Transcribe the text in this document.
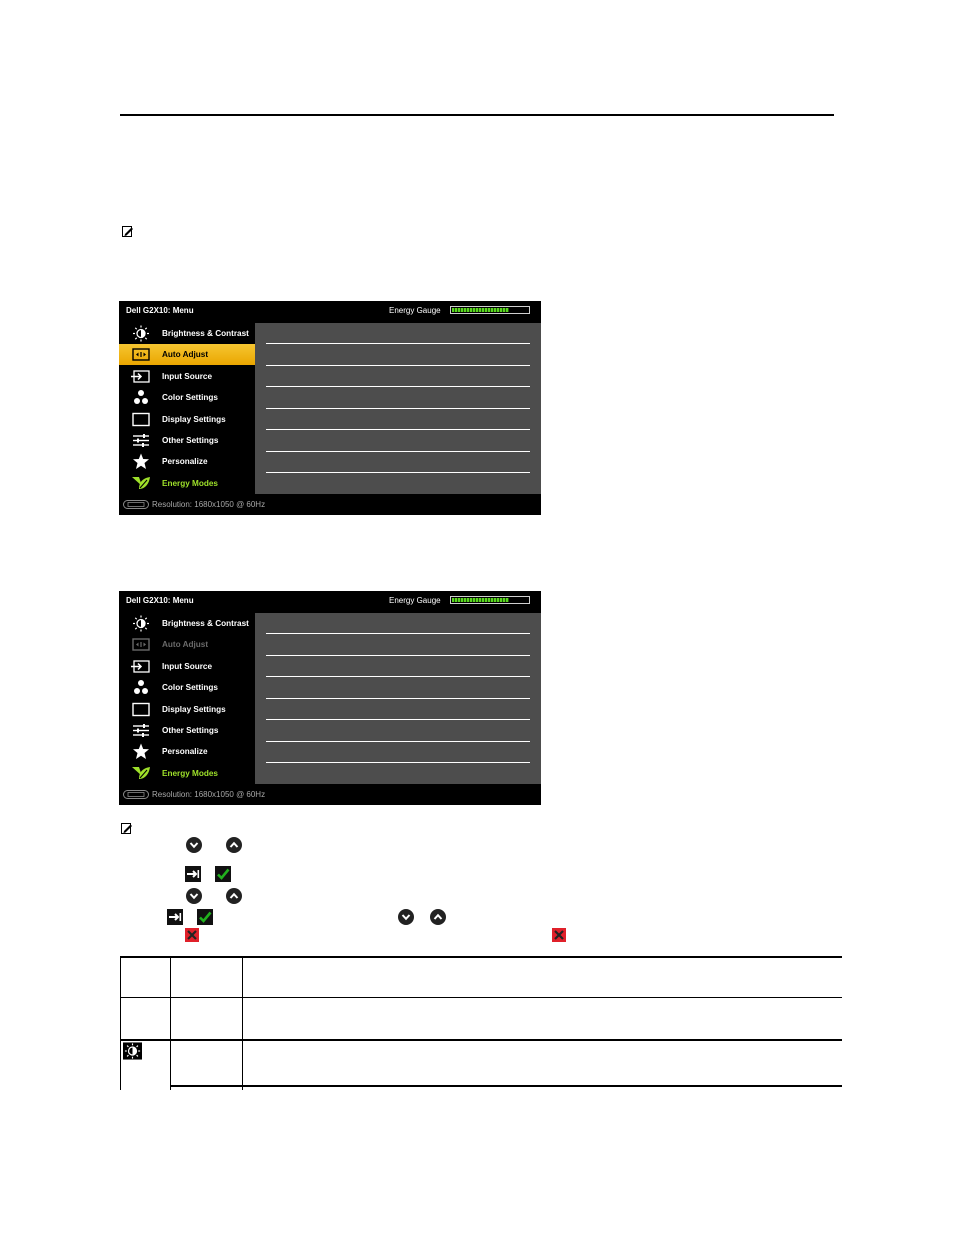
Dell G2X10: Menu	Energy Gauge
Brightness & Contrast
Auto Adjust
Input Source
Color Settings
Display Settings
Other Settings
Personalize
Energy Modes
Resolution: 1680x1050 @ 60Hz
Dell G2X10: Menu	Energy Gauge
Brightness & Contrast
Auto Adjust
Input Source
Color Settings
Display Settings
Other Settings
Personalize
Energy Modes
Resolution: 1680x1050 @ 60Hz
